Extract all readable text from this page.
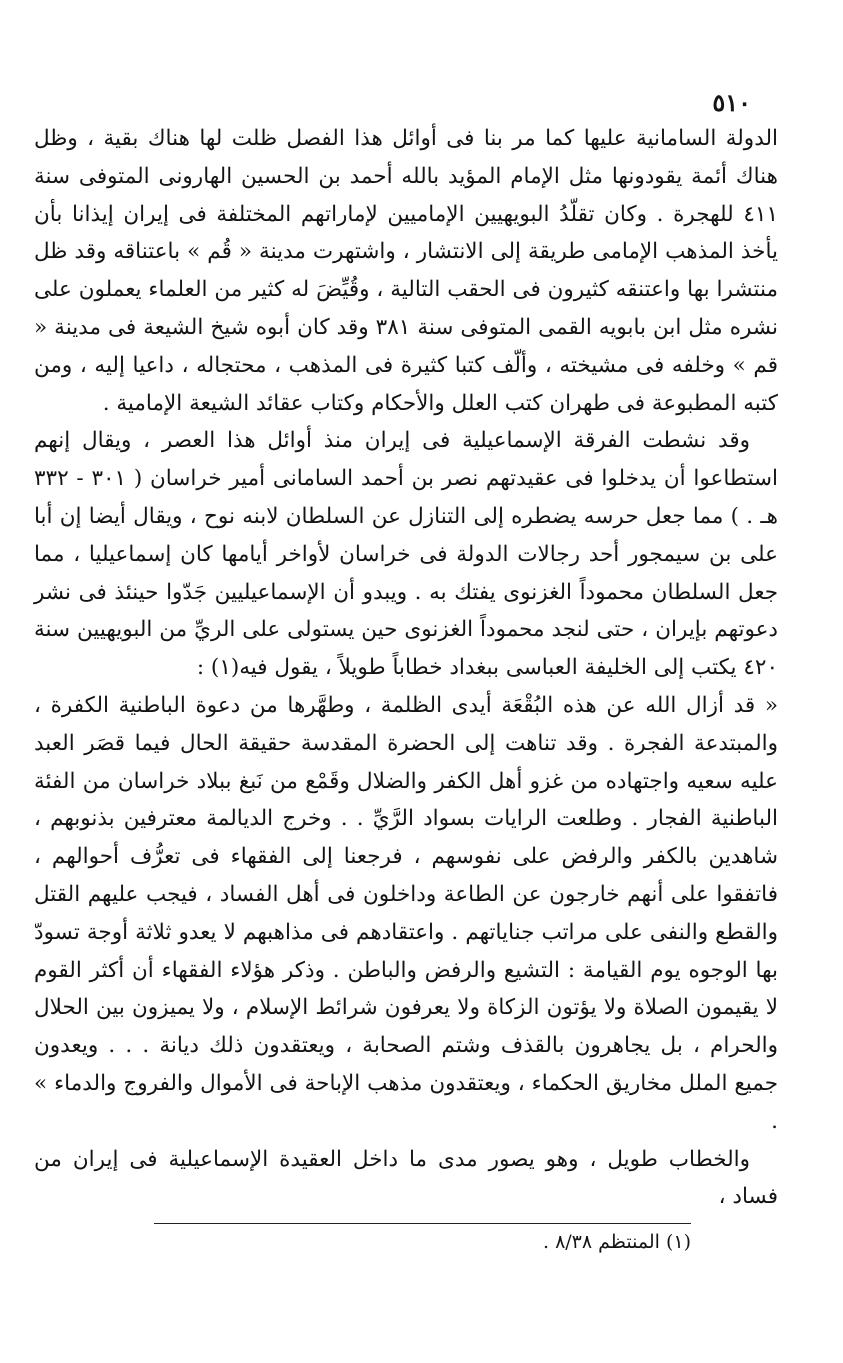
٥١٠

الدولة السامانية عليها كما مر بنا فى أوائل هذا الفصل ظلت لها هناك بقية ، وظل هناك أئمة يقودونها مثل الإمام المؤيد بالله أحمد بن الحسين الهارونى المتوفى سنة ٤١١ للهجرة . وكان تقلّدُ البويهيين الإماميين لإماراتهم المختلفة فى إيران إيذانا بأن يأخذ المذهب الإمامى طريقة إلى الانتشار ، واشتهرت مدينة « قُم » باعتناقه وقد ظل منتشرا بها واعتنقه كثيرون فى الحقب التالية ، وقُيِّضَ له كثير من العلماء يعملون على نشره مثل ابن بابويه القمى المتوفى سنة ٣٨١ وقد كان أبوه شيخ الشيعة فى مدينة « قم » وخلفه فى مشيخته ، وألّف كتبا كثيرة فى المذهب ، محتجاله ، داعيا إليه ، ومن كتبه المطبوعة فى طهران كتب العلل والأحكام وكتاب عقائد الشيعة الإمامية .

وقد نشطت الفرقة الإسماعيلية فى إيران منذ أوائل هذا العصر ، ويقال إنهم استطاعوا أن يدخلوا فى عقيدتهم نصر بن أحمد السامانى أمير خراسان ( ٣٠١ - ٣٣٢ هـ . ) مما جعل حرسه يضطره إلى التنازل عن السلطان لابنه نوح ، ويقال أيضا إن أبا على بن سيمجور أحد رجالات الدولة فى خراسان لأواخر أيامها كان إسماعيليا ، مما جعل السلطان محموداً الغزنوى يفتك به . ويبدو أن الإسماعيليين جَدّوا حينئذ فى نشر دعوتهم بإيران ، حتى لنجد محموداً الغزنوى حين يستولى على الريِّ من البويهيين سنة ٤٢٠ يكتب إلى الخليفة العباسى ببغداد خطاباً طويلاً ، يقول فيه(١) :

« قد أزال الله عن هذه البُقْعَة أيدى الظلمة ، وطهَّرها من دعوة الباطنية الكفرة ، والمبتدعة الفجرة . وقد تناهت إلى الحضرة المقدسة حقيقة الحال فيما قصَر العبد عليه سعيه واجتهاده من غزو أهل الكفر والضلال وقَمْع من نَبغ ببلاد خراسان من الفئة الباطنية الفجار . وطلعت الرايات بسواد الرَّيِّ . . وخرج الديالمة معترفين بذنوبهم ، شاهدين بالكفر والرفض على نفوسهم ، فرجعنا إلى الفقهاء فى تعرُّف أحوالهم ، فاتفقوا على أنهم خارجون عن الطاعة وداخلون فى أهل الفساد ، فيجب عليهم القتل والقطع والنفى على مراتب جناياتهم . واعتقادهم فى مذاهبهم لا يعدو ثلاثة أوجة تسودّ بها الوجوه يوم القيامة : التشيع والرفض والباطن . وذكر هؤلاء الفقهاء أن أكثر القوم لا يقيمون الصلاة ولا يؤتون الزكاة ولا يعرفون شرائط الإسلام ، ولا يميزون بين الحلال والحرام ، بل يجاهرون بالقذف وشتم الصحابة ، ويعتقدون ذلك ديانة . . . ويعدون جميع الملل مخاريق الحكماء ، ويعتقدون مذهب الإباحة فى الأموال والفروج والدماء » .

والخطاب طويل ، وهو يصور مدى ما داخل العقيدة الإسماعيلية فى إيران من فساد ،

(١) المنتظم ٨/٣٨ .
